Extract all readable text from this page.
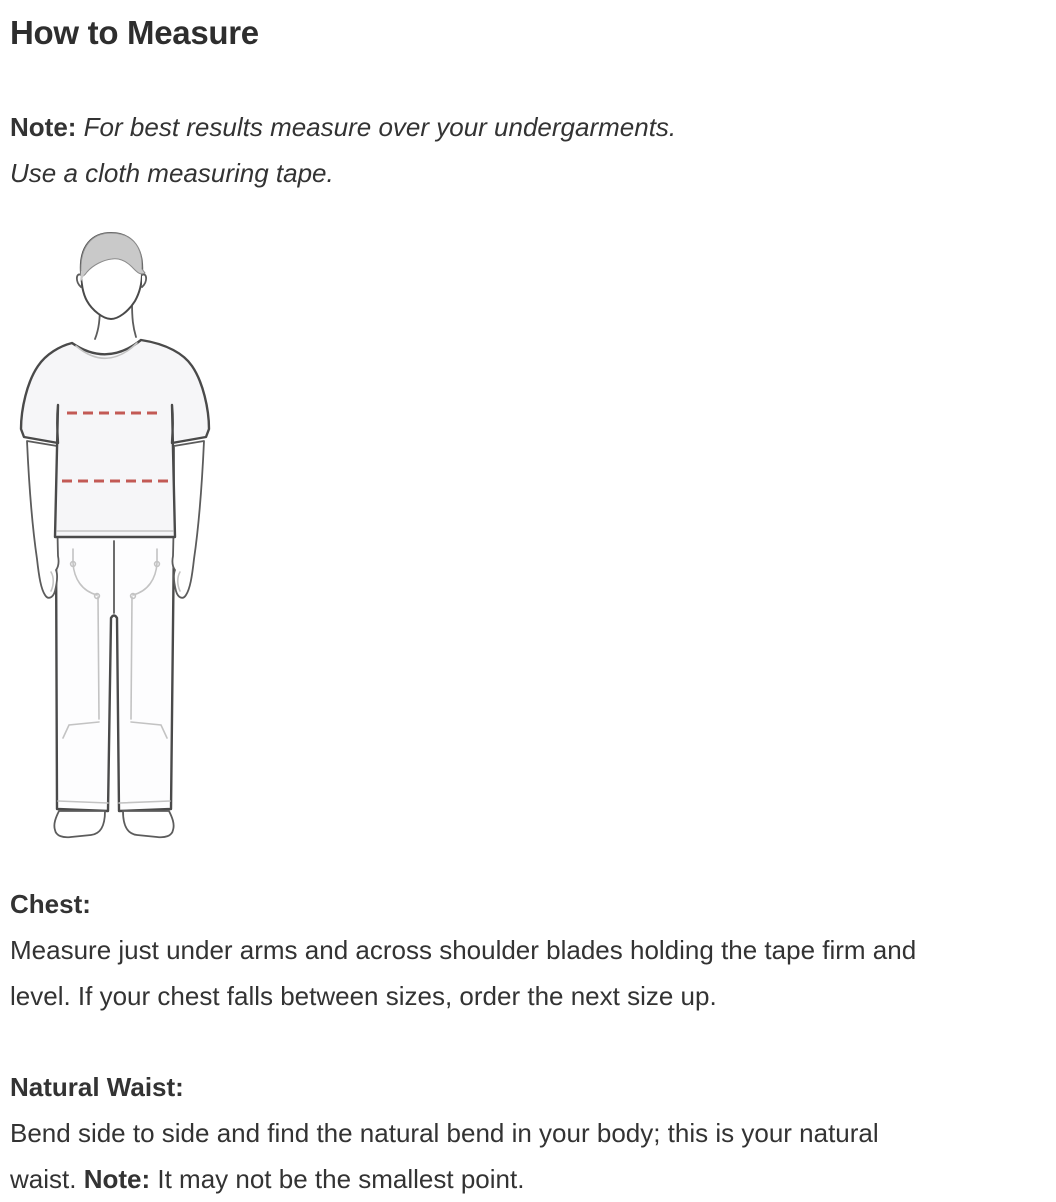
How to Measure

Note: For best results measure over your undergarments.
Use a cloth measuring tape.

Chest:
Measure just under arms and across shoulder blades holding the tape firm and
level. If your chest falls between sizes, order the next size up.

Natural Waist:
Bend side to side and find the natural bend in your body; this is your natural
waist. Note: It may not be the smallest point.
